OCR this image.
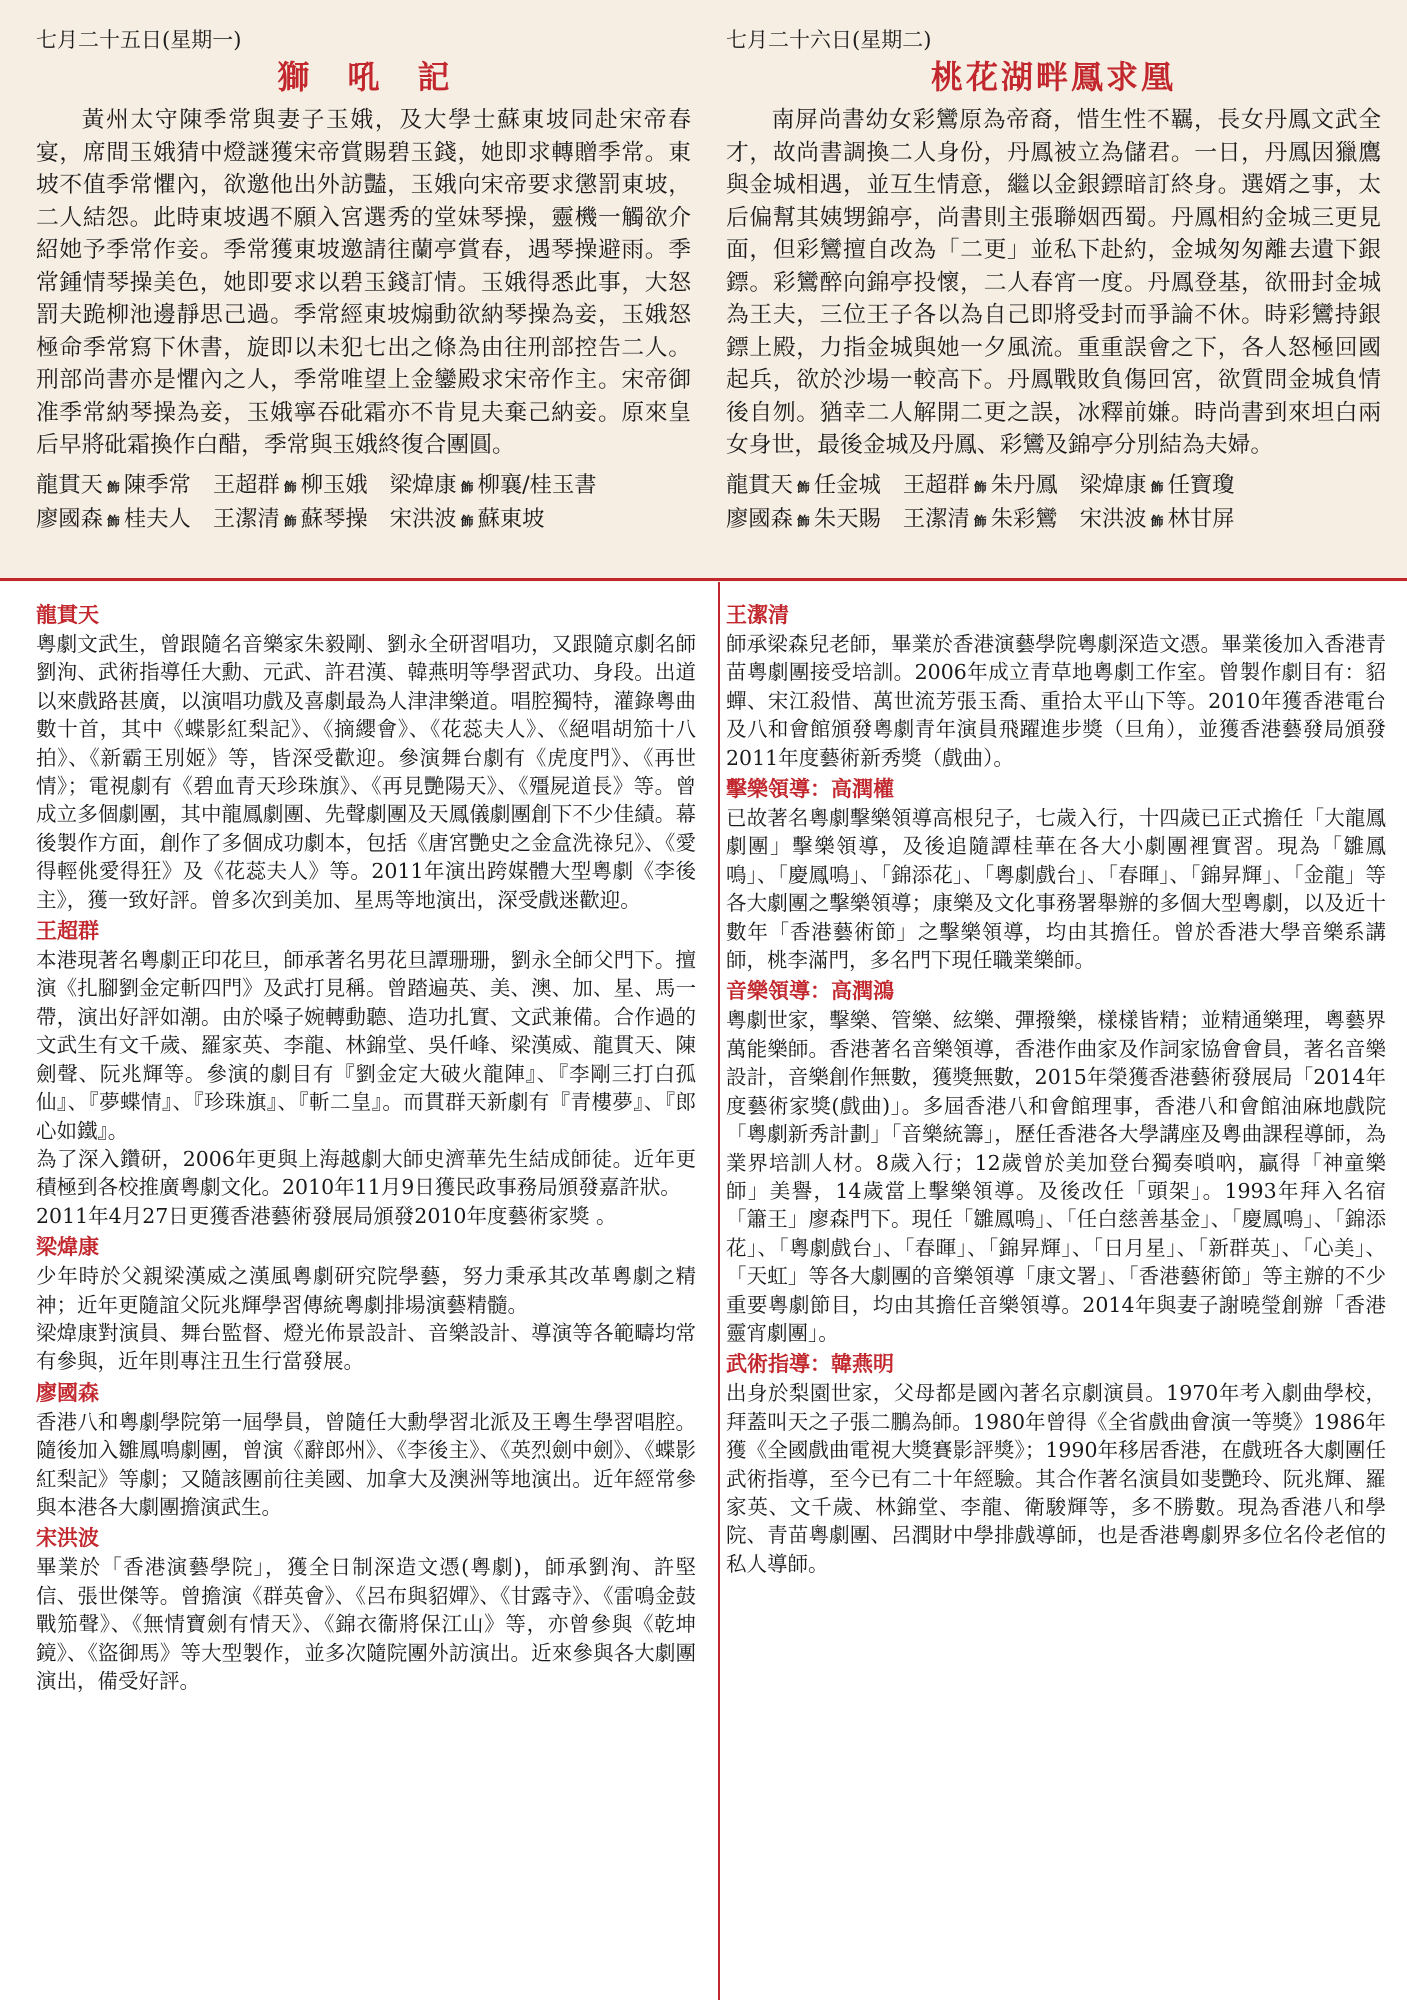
七月二十五日(星期一)
獅吼記

黃州太守陳季常與妻子玉娥，及大學士蘇東坡同赴宋帝春宴，席間玉娥猜中燈謎獲宋帝賞賜碧玉錢，她即求轉贈季常。東坡不值季常懼內，欲邀他出外訪豔，玉娥向宋帝要求懲罰東坡，二人結怨。此時東坡遇不願入宮選秀的堂妹琴操，靈機一觸欲介紹她予季常作妾。季常獲東坡邀請往蘭亭賞春，遇琴操避雨。季常鍾情琴操美色，她即要求以碧玉錢訂情。玉娥得悉此事，大怒罰夫跪柳池邊靜思己過。季常經東坡煽動欲納琴操為妾，玉娥怒極命季常寫下休書，旋即以未犯七出之條為由往刑部控告二人。刑部尚書亦是懼內之人，季常唯望上金鑾殿求宋帝作主。宋帝御准季常納琴操為妾，玉娥寧吞砒霜亦不肯見夫棄己納妾。原來皇后早將砒霜換作白醋，季常與玉娥終復合團圓。

龍貫天 飾 陳季常 王超群 飾 柳玉娥 梁煒康 飾 柳襄/桂玉書
廖國森 飾 桂夫人 王潔清 飾 蘇琴操 宋洪波 飾 蘇東坡
七月二十六日(星期二)
桃花湖畔鳳求凰

南屏尚書幼女彩鸞原為帝裔，惜生性不羈，長女丹鳳文武全才，故尚書調換二人身份，丹鳳被立為儲君。一日，丹鳳因獵鷹與金城相遇，並互生情意，繼以金銀鏢暗訂終身。選婿之事，太后偏幫其姨甥錦亭，尚書則主張聯姻西蜀。丹鳳相約金城三更見面，但彩鸞擅自改為「二更」並私下赴約，金城匆匆離去遺下銀鏢。彩鸞醉向錦亭投懷，二人春宵一度。丹鳳登基，欲冊封金城為王夫，三位王子各以為自己即將受封而爭論不休。時彩鸞持銀鏢上殿，力指金城與她一夕風流。重重誤會之下，各人怒極回國起兵，欲於沙場一較高下。丹鳳戰敗負傷回宮，欲質問金城負情後自刎。猶幸二人解開二更之誤，冰釋前嫌。時尚書到來坦白兩女身世，最後金城及丹鳳、彩鸞及錦亭分別結為夫婦。

龍貫天 飾 任金城 王超群 飾 朱丹鳳 梁煒康 飾 任寶瓊
廖國森 飾 朱天賜 王潔清 飾 朱彩鸞 宋洪波 飾 林甘屏
龍貫天

粵劇文武生，曾跟隨名音樂家朱毅剛、劉永全研習唱功，又跟隨京劇名師劉洵、武術指導任大勳、元武、許君漢、韓燕明等學習武功、身段。出道以來戲路甚廣，以演唱功戲及喜劇最為人津津樂道。唱腔獨特，灌錄粵曲數十首，其中《蝶影紅梨記》、《摘纓會》、《花蕊夫人》、《絕唱胡笳十八拍》、《新霸王別姬》等，皆深受歡迎。參演舞台劇有《虎度門》、《再世情》；電視劇有《碧血青天珍珠旗》、《再見艷陽天》、《殭屍道長》等。曾成立多個劇團，其中龍鳳劇團、先聲劇團及天鳳儀劇團創下不少佳績。幕後製作方面，創作了多個成功劇本，包括《唐宮艷史之金盒洗祿兒》、《愛得輕佻愛得狂》及《花蕊夫人》等。2011年演出跨媒體大型粵劇《李後主》，獲一致好評。曾多次到美加、星馬等地演出，深受戲迷歡迎。

王超群

本港現著名粵劇正印花旦，師承著名男花旦譚珊珊，劉永全師父門下。擅演《扎腳劉金定斬四門》及武打見稱。曾踏遍英、美、澳、加、星、馬一帶，演出好評如潮。由於嗓子婉轉動聽、造功扎實、文武兼備。合作過的文武生有文千歲、羅家英、李龍、林錦堂、吳仟峰、梁漢威、龍貫天、陳劍聲、阮兆輝等。參演的劇目有『劉金定大破火龍陣』、『李剛三打白孤仙』、『夢蝶情』、『珍珠旗』、『斬二皇』。而貫群天新劇有『青樓夢』、『郎心如鐵』。

為了深入鑽研，2006年更與上海越劇大師史濟華先生結成師徒。近年更積極到各校推廣粵劇文化。2010年11月9日獲民政事務局頒發嘉許狀。

2011年4月27日更獲香港藝術發展局頒發2010年度藝術家獎 。

梁煒康

少年時於父親梁漢威之漢風粵劇研究院學藝，努力秉承其改革粵劇之精神；近年更隨誼父阮兆輝學習傳統粵劇排場演藝精髓。

梁煒康對演員、舞台監督、燈光佈景設計、音樂設計、導演等各範疇均常有參與，近年則專注丑生行當發展。

廖國森

香港八和粵劇學院第一屆學員，曾隨任大勳學習北派及王粵生學習唱腔。隨後加入雛鳳鳴劇團，曾演《辭郎州》、《李後主》、《英烈劍中劍》、《蝶影紅梨記》等劇；又隨該團前往美國、加拿大及澳洲等地演出。近年經常參與本港各大劇團擔演武生。

宋洪波

畢業於「香港演藝學院」，獲全日制深造文憑(粵劇)，師承劉洵、許堅信、張世傑等。曾擔演《群英會》、《呂布與貂嬋》、《甘露寺》、《雷鳴金鼓戰笳聲》、《無情寶劍有情天》、《錦衣衞將保江山》等，亦曾參與《乾坤鏡》、《盜御馬》等大型製作，並多次隨院團外訪演出。近來參與各大劇團演出，備受好評。

王潔清

師承梁森兒老師，畢業於香港演藝學院粵劇深造文憑。畢業後加入香港青苗粵劇團接受培訓。2006年成立青草地粵劇工作室。曾製作劇目有：貂蟬、宋江殺惜、萬世流芳張玉喬、重拾太平山下等。2010年獲香港電台及八和會館頒發粵劇青年演員飛躍進步獎（旦角），並獲香港藝發局頒發2011年度藝術新秀獎（戲曲）。

擊樂領導：高潤權

已故著名粵劇擊樂領導高根兒子，七歲入行，十四歲已正式擔任「大龍鳳劇團」擊樂領導，及後追隨譚桂華在各大小劇團裡實習。現為「雛鳳鳴」、「慶鳳鳴」、「錦添花」、「粵劇戲台」、「春暉」、「錦昇輝」、「金龍」等各大劇團之擊樂領導；康樂及文化事務署舉辦的多個大型粵劇，以及近十數年「香港藝術節」之擊樂領導，均由其擔任。曾於香港大學音樂系講師，桃李滿門，多名門下現任職業樂師。

音樂領導：高潤鴻

粵劇世家，擊樂、管樂、絃樂、彈撥樂，樣樣皆精；並精通樂理，粵藝界萬能樂師。香港著名音樂領導，香港作曲家及作詞家協會會員，著名音樂設計，音樂創作無數，獲獎無數，2015年榮獲香港藝術發展局「2014年度藝術家獎(戲曲)」。多屆香港八和會館理事，香港八和會館油麻地戲院「粵劇新秀計劃」「音樂統籌」，歷任香港各大學講座及粵曲課程導師，為業界培訓人材。8歲入行；12歲曾於美加登台獨奏嗩吶，贏得「神童樂師」美譽，14歲當上擊樂領導。及後改任「頭架」。1993年拜入名宿「簫王」廖森門下。現任「雛鳳鳴」、「任白慈善基金」、「慶鳳鳴」、「錦添花」、「粵劇戲台」、「春暉」、「錦昇輝」、「日月星」、「新群英」、「心美」、「天虹」等各大劇團的音樂領導「康文署」、「香港藝術節」等主辦的不少重要粵劇節目，均由其擔任音樂領導。2014年與妻子謝曉瑩創辦「香港靈宵劇團」。

武術指導：韓燕明

出身於梨園世家，父母都是國內著名京劇演員。1970年考入劇曲學校，拜蓋叫天之子張二鵬為師。1980年曾得《全省戲曲會演一等獎》1986年獲《全國戲曲電視大獎賽影評獎》；1990年移居香港，在戲班各大劇團任武術指導，至今已有二十年經驗。其合作著名演員如斐艷玲、阮兆輝、羅家英、文千歲、林錦堂、李龍、衛駿輝等，多不勝數。現為香港八和學院、青苗粵劇團、呂潤財中學排戲導師，也是香港粵劇界多位名伶老倌的私人導師。
